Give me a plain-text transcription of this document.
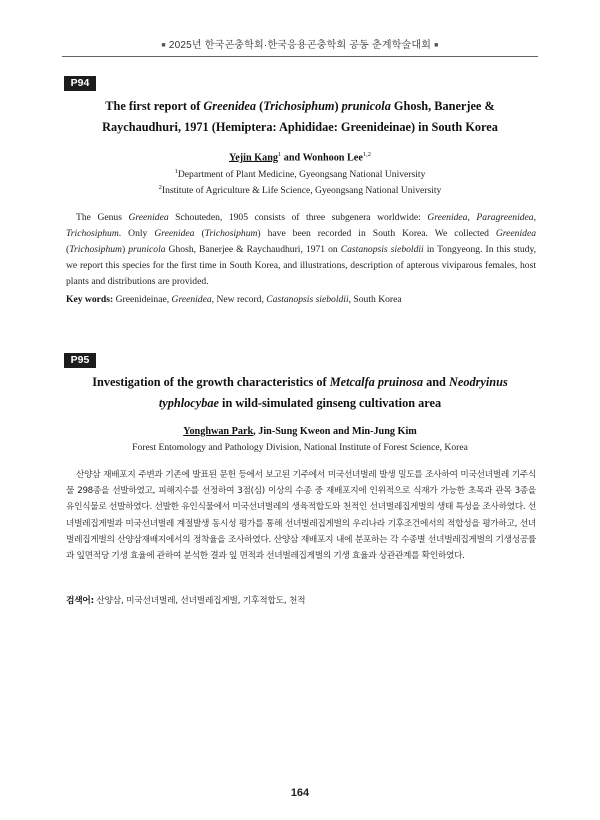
■ 2025년 한국곤충학회·한국응용곤충학회 공동 춘계학술대회 ■
P94
The first report of Greenidea (Trichosiphum) prunicola Ghosh, Banerjee & Raychaudhuri, 1971 (Hemiptera: Aphididae: Greenideinae) in South Korea
Yejin Kang$^1$ and Wonhoon Lee$^{1,2}$
$^1$Department of Plant Medicine, Gyeongsang National University
$^2$Institute of Agriculture & Life Science, Gyeongsang National University

The Genus Greenidea Schouteden, 1905 consists of three subgenera worldwide: Greenidea, Paragreenidea, Trichosiphum. Only Greenidea (Trichosiphum) have been recorded in South Korea. We collected Greenidea (Trichosiphum) prunicola Ghosh, Banerjee & Raychaudhuri, 1971 on Castanopsis sieboldii in Tongyeong. In this study, we report this species for the first time in South Korea, and illustrations, description of apterous viviparous females, host plants and distributions are provided.

Key words: Greenideinae, Greenidea, New record, Castanopsis sieboldii, South Korea
P95
Investigation of the growth characteristics of Metcalfa pruinosa and Neodryinus typhlocybae in wild-simulated ginseng cultivation area
Yonghwan Park, Jin-Sung Kweon and Min-Jung Kim
Forest Entomology and Pathology Division, National Institute of Forest Science, Korea

산양삼 재배포지 주변과 기존에 발표된 문헌 등에서 보고된 기주에서 미국선녀벌레 발생 밀도를 조사하여 미국선녀벌레 기주식물 298종을 선발하였고, 피해지수를 선정하여 3점(심) 이상의 수종 중 재배포지에 인위적으로 식재가 가능한 초목과 관목 3종을 유인식물로 선발하였다. 선발한 유인식물에서 미국선녀벌레의 생육적합도와 천적인 선녀벌레집게벌의 생태 특성을 조사하였다. 선녀벌레집게벌과 미국선녀벌레 계절발생 동시성 평가를 통해 선녀벌레집게벌의 우리나라 기후조건에서의 적합성을 평가하고, 선녀벌레집게벌의 산양삼재배지에서의 정착율을 조사하였다. 산양삼 재배포지 내에 분포하는 각 수종별 선녀벌레집게벌의 기생성공률과 잎면적당 기생 효율에 관하여 분석한 결과 잎 면적과 선녀벌레집게벌의 기생 효율과 상관관계를 확인하였다.

검색어: 산양삼, 미국선녀벌레, 선녀벌레집게벌, 기후적합도, 천적
164
